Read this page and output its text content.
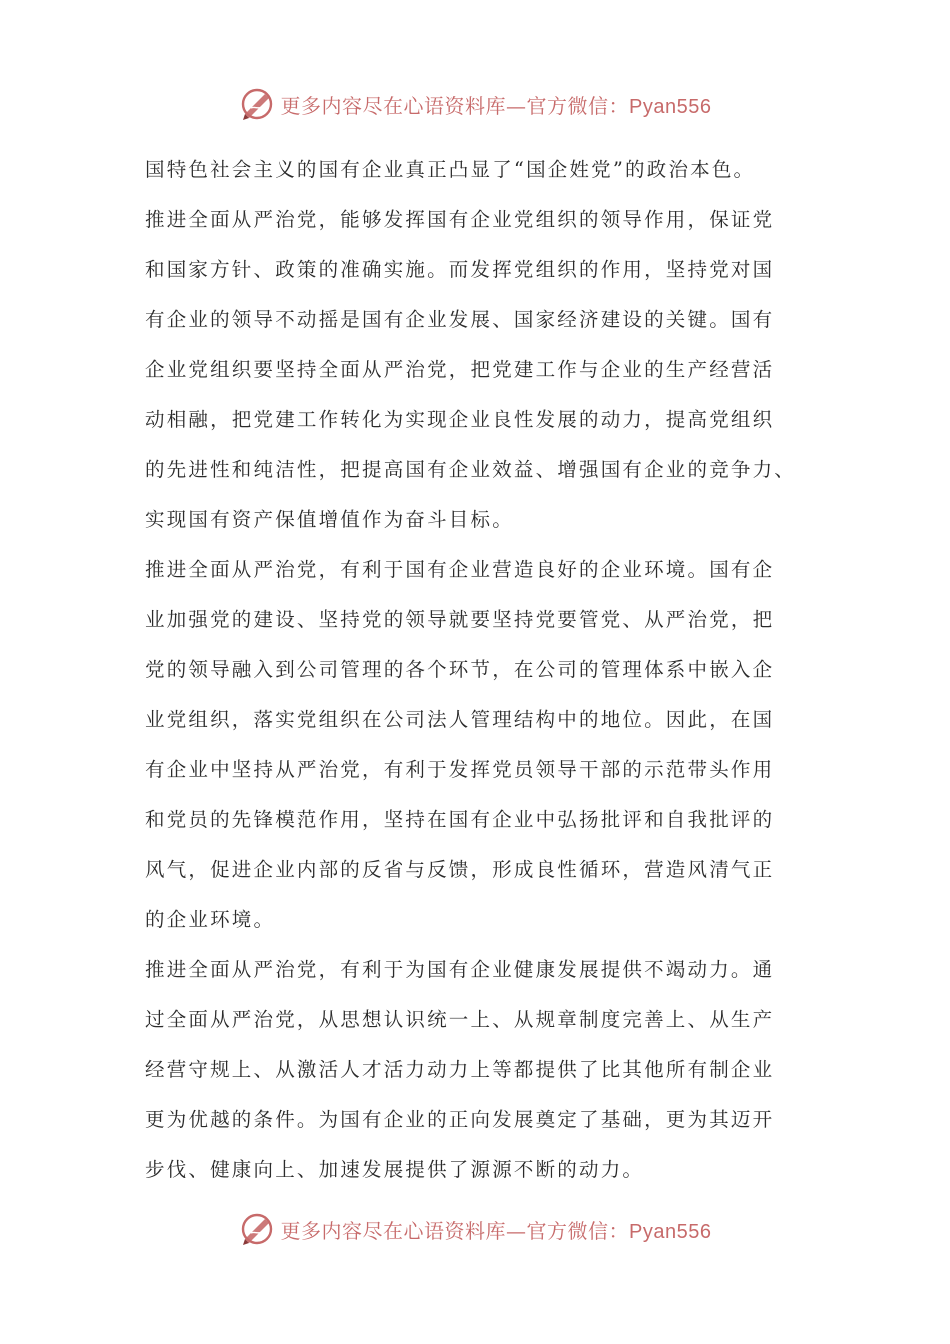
更多内容尽在心语资料库—官方微信：Pyan556
国特色社会主义的国有企业真正凸显了“国企姓党”的政治本色。
推进全面从严治党，能够发挥国有企业党组织的领导作用，保证党
和国家方针、政策的准确实施。而发挥党组织的作用，坚持党对国
有企业的领导不动摇是国有企业发展、国家经济建设的关键。国有
企业党组织要坚持全面从严治党，把党建工作与企业的生产经营活
动相融，把党建工作转化为实现企业良性发展的动力，提高党组织
的先进性和纯洁性，把提高国有企业效益、增强国有企业的竞争力、
实现国有资产保值增值作为奋斗目标。
推进全面从严治党，有利于国有企业营造良好的企业环境。国有企
业加强党的建设、坚持党的领导就要坚持党要管党、从严治党，把
党的领导融入到公司管理的各个环节，在公司的管理体系中嵌入企
业党组织，落实党组织在公司法人管理结构中的地位。因此，在国
有企业中坚持从严治党，有利于发挥党员领导干部的示范带头作用
和党员的先锋模范作用，坚持在国有企业中弘扬批评和自我批评的
风气，促进企业内部的反省与反馈，形成良性循环，营造风清气正
的企业环境。
推进全面从严治党，有利于为国有企业健康发展提供不竭动力。通
过全面从严治党，从思想认识统一上、从规章制度完善上、从生产
经营守规上、从激活人才活力动力上等都提供了比其他所有制企业
更为优越的条件。为国有企业的正向发展奠定了基础，更为其迈开
步伐、健康向上、加速发展提供了源源不断的动力。
更多内容尽在心语资料库—官方微信：Pyan556
